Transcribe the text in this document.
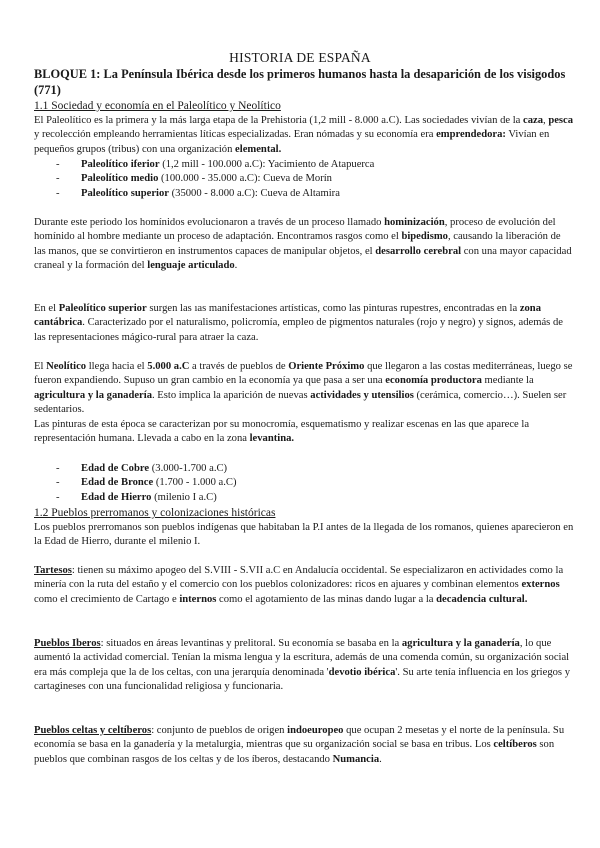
HISTORIA DE ESPAÑA
BLOQUE 1: La Península Ibérica desde los primeros humanos hasta la desaparición de los visigodos (771)
1.1 Sociedad y economía en el Paleolítico y Neolítico

El Paleolítico es la primera y la más larga etapa de la Prehistoria (1,2 mill - 8.000 a.C). Las sociedades vivían de la caza, pesca y recolección empleando herramientas líticas especializadas. Eran nómadas y su economía era emprendedora: Vivían en pequeños grupos (tribus) con una organización elemental.

- Paleolítico iferior (1,2 mill - 100.000 a.C): Yacimiento de Atapuerca
- Paleolítico medio (100.000 - 35.000 a.C): Cueva de Morín
- Paleolítico superior (35000 - 8.000 a.C): Cueva de Altamira

Durante este periodo los homínidos evolucionaron a través de un proceso llamado hominización, proceso de evolución del homínido al hombre mediante un proceso de adaptación. Encontramos rasgos como el bipedismo, causando la liberación de las manos, que se convirtieron en instrumentos capaces de manipular objetos, el desarrollo cerebral con una mayor capacidad craneal y la formación del lenguaje articulado.

En el Paleolítico superior surgen las ıas manifestaciones artísticas, como las pinturas rupestres, encontradas en la zona cantábrica. Caracterizado por el naturalismo, policromía, empleo de pigmentos naturales (rojo y negro) y signos, además de las representaciones mágico-rural para atraer la caza.

El Neolítico llega hacia el 5.000 a.C a través de pueblos de Oriente Próximo que llegaron a las costas mediterráneas, luego se fueron expandiendo. Supuso un gran cambio en la economía ya que pasa a ser una economía productora mediante la agricultura y la ganadería. Esto implica la aparición de nuevas actividades y utensilios (cerámica, comercio…). Suelen ser sedentarios.

Las pinturas de esta época se caracterizan por su monocromía, esquematismo y realizar escenas en las que aparece la representación humana. Llevada a cabo en la zona levantina.

- Edad de Cobre (3.000-1.700 a.C)
- Edad de Bronce (1.700 - 1.000 a.C)
- Edad de Hierro (milenio I a.C)
1.2 Pueblos prerromanos y colonizaciones históricas

Los pueblos prerromanos son pueblos indígenas que habitaban la P.I antes de la llegada de los romanos, quienes aparecieron en la Edad de Hierro, durante el milenio I.

Tartesos: tienen su máximo apogeo del S.VIII - S.VII a.C en Andalucía occidental. Se especializaron en actividades como la minería con la ruta del estaño y el comercio con los pueblos colonizadores: ricos en ajuares y combinan elementos externos como el crecimiento de Cartago e internos como el agotamiento de las minas dando lugar a la decadencia cultural.

Pueblos Iberos: situados en áreas levantinas y prelitoral. Su economía se basaba en la agricultura y la ganadería, lo que aumentó la actividad comercial. Tenían la misma lengua y la escritura, además de una comenda común, su organización social era más compleja que la de los celtas, con una jerarquía denominada 'devotio ibérica'. Su arte tenía influencia en los griegos y cartagineses con una funcionalidad religiosa y funcionaria.

Pueblos celtas y celtíberos: conjunto de pueblos de origen indoeuropeo que ocupan 2 mesetas y el norte de la península. Su economía se basa en la ganadería y la metalurgia, mientras que su organización social se basa en tribus. Los celtíberos son pueblos que combinan rasgos de los celtas y de los íberos, destacando Numancia.
